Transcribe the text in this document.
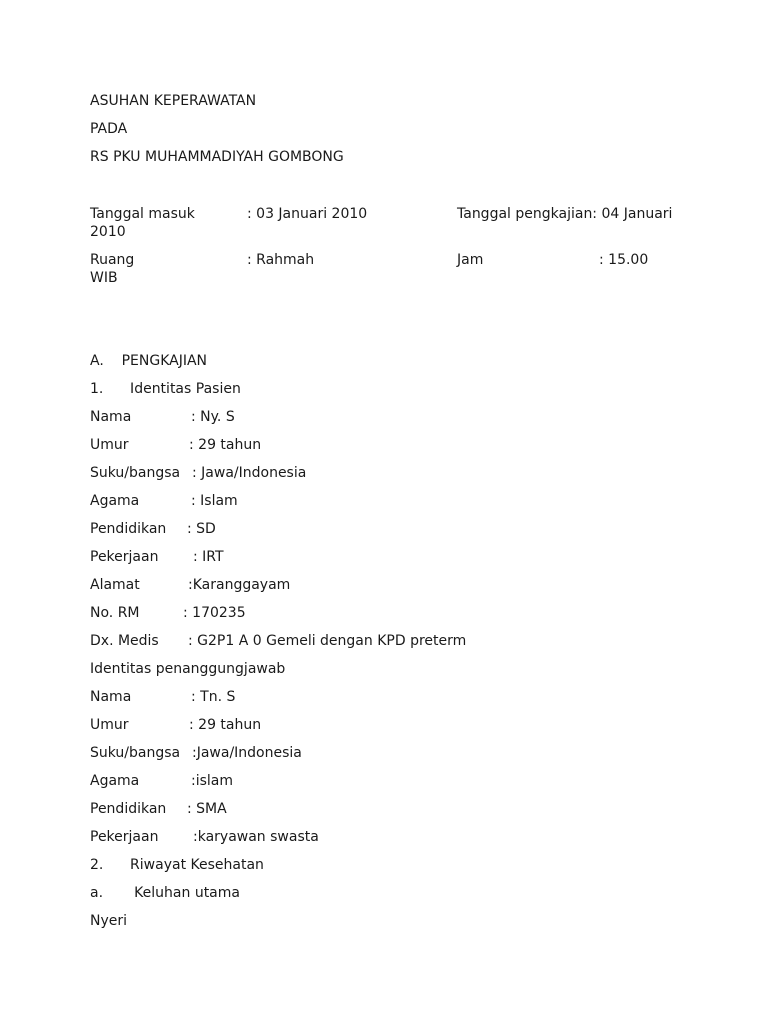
ASUHAN KEPERAWATAN
PADA
RS PKU MUHAMMADIYAH GOMBONG
Tanggal masuk	: 03 Januari 2010	Tanggal pengkajian: 04 Januari
2010
Ruang	: Rahmah	Jam	: 15.00
WIB
A.    PENGKAJIAN
1.      Identitas Pasien
Nama	: Ny. S
Umur	: 29 tahun
Suku/bangsa : Jawa/Indonesia
Agama	: Islam
Pendidikan : SD
Pekerjaan : IRT
Alamat	:Karanggayam
No. RM	: 170235
Dx. Medis : G2P1 A 0 Gemeli dengan KPD preterm
Identitas penanggungjawab
Nama	: Tn. S
Umur	: 29 tahun
Suku/bangsa :Jawa/Indonesia
Agama	:islam
Pendidikan : SMA
Pekerjaan :karyawan swasta
2.      Riwayat Kesehatan
a.       Keluhan utama
Nyeri
